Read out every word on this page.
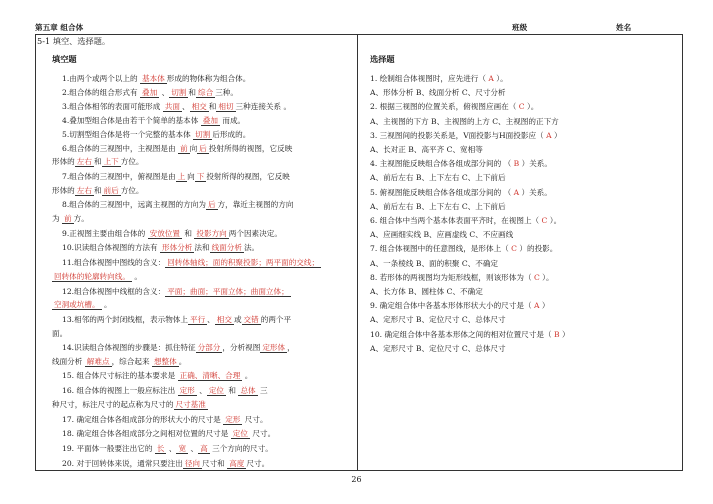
第五章 组合体	班级	姓名
5-1 填空、选择题。
填空题	选择题
1.由两个或两个以上的 基本体 形成的物体称为组合体。
2.组合体的组合形式有 叠加 、 切割 和 综合 三种。
3.组合体相邻的表面可能形成 共面 、 相交 和 相切 三种连接关系 。
4.叠加型组合体是由若干个简单的基本体 叠加 而成。
5.切割型组合体是将一个完整的基本体 切割 后形成的。
6.组合体的三视图中，主视图是由 前 向 后 投射所得的视图，它反映
形体的 左右 和 上下 方位。
7.组合体的三视图中，俯视图是由 上 向 下 投射所得的视图，它反映
形体的 左右 和 前后 方位。
8.组合体的三视图中，远离主视图的方向为 后 方，靠近主视图的方向
为 前 方。
9.正视图主要由组合体的 安放位置 和 投影方向 两个因素决定。
10.识读组合体视图的方法有 形体分析 法和 线面分析 法。
11.组合体视图中图线的含义： 回转体轴线；面的积聚投影；两平面的交线；
回转体的轮廓转向线。 。
12.组合体视图中线框的含义： 平面；曲面；平面立体；曲面立体；
空洞或坑槽。 。
13.相邻的两个封闭线框，表示物体上 平行 、 相交 或 交错 的两个平
面。
14.识读组合体视图的步骤是：抓住特征 分部分 ，分析视图 定形体 ，
线面分析 解难点 ，综合起来 想整体 。
15. 组合体尺寸标注的基本要求是 正确、清晰、合理 。
16. 组合体的视图上一般应标注出 定形 、 定位 和 总体 三
种尺寸，标注尺寸的起点称为尺寸的 尺寸基准
17. 确定组合体各组成部分的形状大小的尺寸是 定形 尺寸。
18. 确定组合体各组成部分之间相对位置的尺寸是 定位 尺寸。
19. 平面体一般要注出它的 长 、 宽 、 高 三个方向的尺寸。
20. 对于回转体来说，通常只要注出 径向 尺寸和 高度 尺寸。
1. 绘制组合体视图时，应先进行（ A ）。
A、形体分析 B、线面分析 C、尺寸分析
2. 根据三视图的位置关系，俯视图应画在（ C ）。
A、主视图的下方 B、主视图的上方 C、主视图的正下方
3. 三视图间的投影关系是，V面投影与H面投影应（ A ）
A、长对正 B、高平齐 C、宽相等
4. 主视图能反映组合体各组成部分间的 （ B ）关系。
A、前后左右 B、上下左右 C、上下前后
5. 俯视图能反映组合体各组成部分间的 （ A ）关系。
A、前后左右 B、上下左右 C、上下前后
6. 组合体中当两个基本体表面平齐时，在视图上（ C ）。
A、应画细实线 B、应画虚线 C、不应画线
7. 组合体视图中的任意图线，是形体上（ C ）的投影。
A、一条棱线 B、面的积聚 C、不确定
8. 若形体的两视图均为矩形线框，则该形体为（ C ）。
A、长方体 B、圆柱体 C、不确定
9. 确定组合体中各基本形体形状大小的尺寸是（ A ）
A、定形尺寸 B、定位尺寸 C、总体尺寸
10. 确定组合体中各基本形体之间的相对位置尺寸是（ B ）
A、定形尺寸 B、定位尺寸 C、总体尺寸
26
